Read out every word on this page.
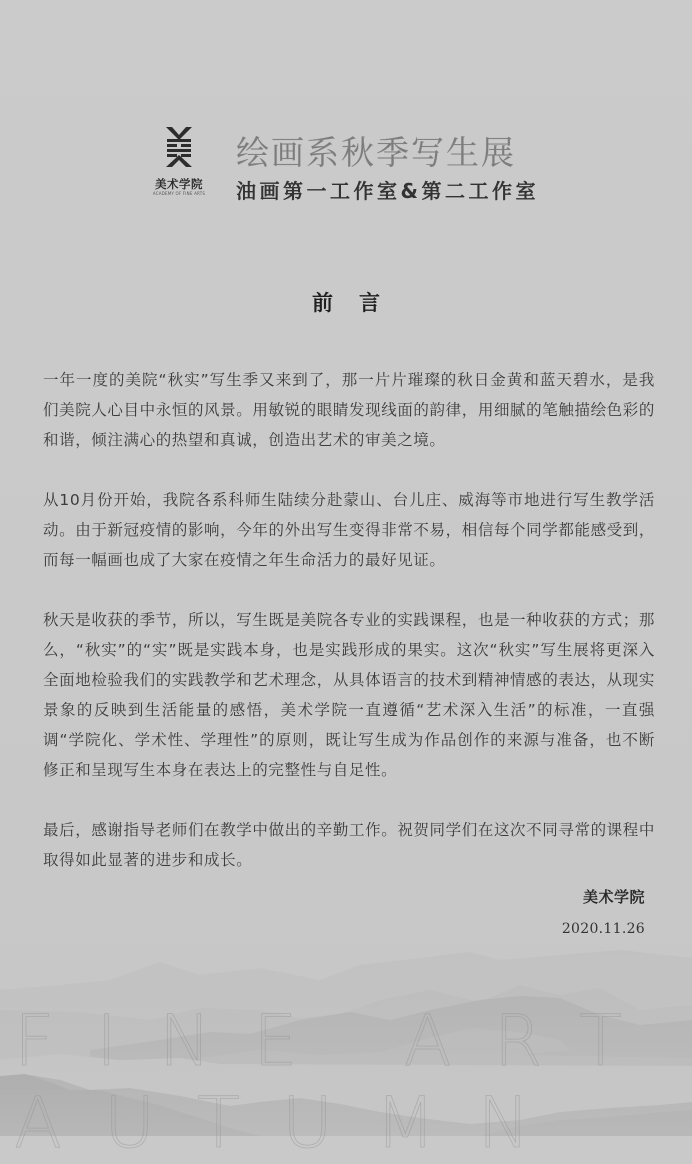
FINE ART
AUTUMN
美术学院
ACADEMY OF FINE ARTS
绘画系秋季写生展
油画第一工作室&第二工作室
前言

一年一度的美院“秋实”写生季又来到了，那一片片璀璨的秋日金黄和蓝天碧水，是我们美院人心目中永恒的风景。用敏锐的眼睛发现线面的韵律，用细腻的笔触描绘色彩的和谐，倾注满心的热望和真诚，创造出艺术的审美之境。

从10月份开始，我院各系科师生陆续分赴蒙山、台儿庄、威海等市地进行写生教学活动。由于新冠疫情的影响，今年的外出写生变得非常不易，相信每个同学都能感受到，而每一幅画也成了大家在疫情之年生命活力的最好见证。

秋天是收获的季节，所以，写生既是美院各专业的实践课程，也是一种收获的方式；那么，“秋实”的“实”既是实践本身，也是实践形成的果实。这次“秋实”写生展将更深入全面地检验我们的实践教学和艺术理念，从具体语言的技术到精神情感的表达，从现实景象的反映到生活能量的感悟，美术学院一直遵循“艺术深入生活”的标准，一直强调“学院化、学术性、学理性”的原则，既让写生成为作品创作的来源与准备，也不断修正和呈现写生本身在表达上的完整性与自足性。

最后，感谢指导老师们在教学中做出的辛勤工作。祝贺同学们在这次不同寻常的课程中取得如此显著的进步和成长。

美术学院
2020.11.26
